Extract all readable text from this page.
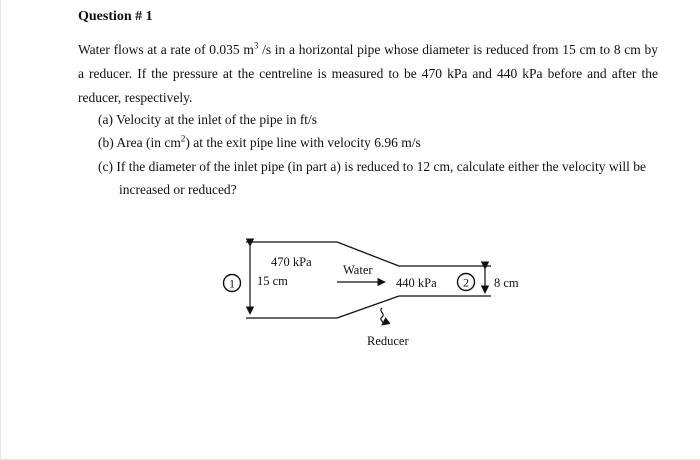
Question # 1
Water flows at a rate of 0.035 $m^3$ /s in a horizontal pipe whose diameter is reduced from 15 cm to 8 cm by a reducer. If the pressure at the centreline is measured to be 470 kPa and 440 kPa before and after the reducer, respectively.
(a) Velocity at the inlet of the pipe in ft/s
(b) Area (in $cm^2$) at the exit pipe line with velocity 6.96 m/s
(c) If the diameter of the inlet pipe (in part a) is reduced to 12 cm, calculate either the velocity will be
increased or reduced?
1	2
470 kPa
15 cm
Water
440 kPa	8 cm
Reducer
